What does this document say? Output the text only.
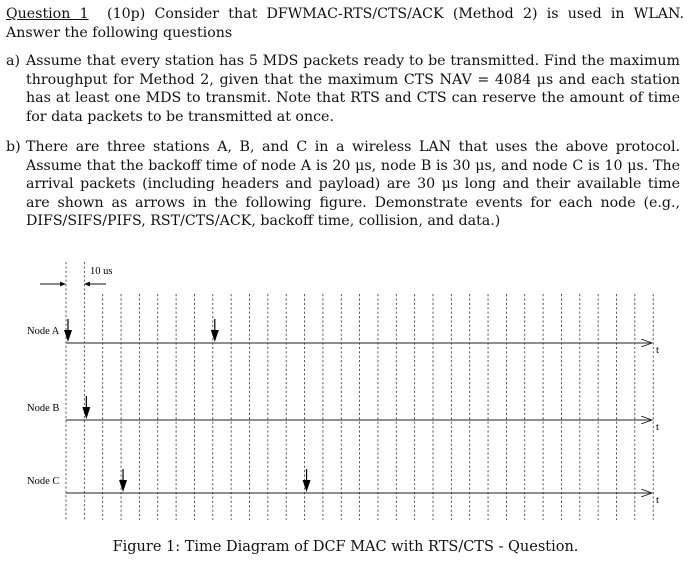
Question 1 (10p) Consider that DFWMAC-RTS/CTS/ACK (Method 2) is used in WLAN. Answer the following questions
a) Assume that every station has 5 MDS packets ready to be transmitted. Find the maximum throughput for Method 2, given that the maximum CTS NAV = 4084 μs and each station has at least one MDS to transmit. Note that RTS and CTS can reserve the amount of time for data packets to be transmitted at once.
b) There are three stations A, B, and C in a wireless LAN that uses the above protocol. Assume that the backoff time of node A is 20 μs, node B is 30 μs, and node C is 10 μs. The arrival packets (including headers and payload) are 30 μs long and their available time are shown as arrows in the following figure. Demonstrate events for each node (e.g., DIFS/SIFS/PIFS, RST/CTS/ACK, backoff time, collision, and data.)
10 us
Node A
t
Node B
t
Node C
t
Figure 1: Time Diagram of DCF MAC with RTS/CTS - Question.
